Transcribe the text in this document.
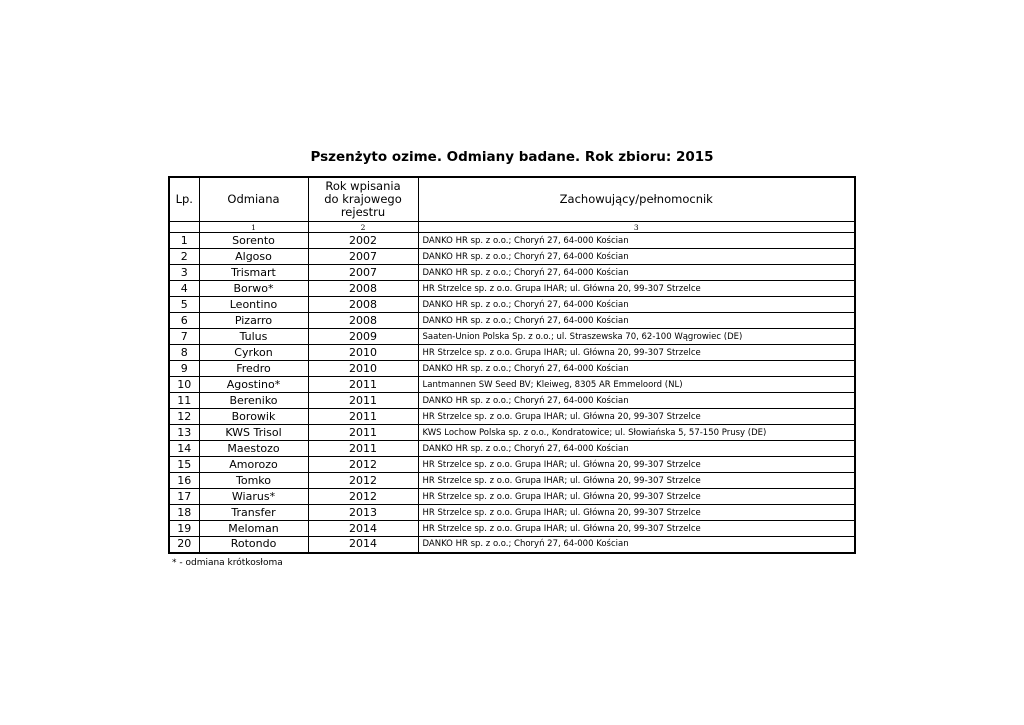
Pszenżyto ozime. Odmiany badane. Rok zbioru: 2015
Lp.	Odmiana	Rok wpisania
do krajowego
rejestru	Zachowujący/pełnomocnik
	1	2	3
1	Sorento	2002	DANKO HR sp. z o.o.; Choryń 27, 64-000 Kościan
2	Algoso	2007	DANKO HR sp. z o.o.; Choryń 27, 64-000 Kościan
3	Trismart	2007	DANKO HR sp. z o.o.; Choryń 27, 64-000 Kościan
4	Borwo*	2008	HR Strzelce sp. z o.o. Grupa IHAR; ul. Główna 20, 99-307 Strzelce
5	Leontino	2008	DANKO HR sp. z o.o.; Choryń 27, 64-000 Kościan
6	Pizarro	2008	DANKO HR sp. z o.o.; Choryń 27, 64-000 Kościan
7	Tulus	2009	Saaten-Union Polska Sp. z o.o.; ul. Straszewska 70, 62-100 Wągrowiec (DE)
8	Cyrkon	2010	HR Strzelce sp. z o.o. Grupa IHAR; ul. Główna 20, 99-307 Strzelce
9	Fredro	2010	DANKO HR sp. z o.o.; Choryń 27, 64-000 Kościan
10	Agostino*	2011	Lantmannen SW Seed BV; Kleiweg, 8305 AR Emmeloord (NL)
11	Bereniko	2011	DANKO HR sp. z o.o.; Choryń 27, 64-000 Kościan
12	Borowik	2011	HR Strzelce sp. z o.o. Grupa IHAR; ul. Główna 20, 99-307 Strzelce
13	KWS Trisol	2011	KWS Lochow Polska sp. z o.o., Kondratowice; ul. Słowiańska 5, 57-150 Prusy (DE)
14	Maestozo	2011	DANKO HR sp. z o.o.; Choryń 27, 64-000 Kościan
15	Amorozo	2012	HR Strzelce sp. z o.o. Grupa IHAR; ul. Główna 20, 99-307 Strzelce
16	Tomko	2012	HR Strzelce sp. z o.o. Grupa IHAR; ul. Główna 20, 99-307 Strzelce
17	Wiarus*	2012	HR Strzelce sp. z o.o. Grupa IHAR; ul. Główna 20, 99-307 Strzelce
18	Transfer	2013	HR Strzelce sp. z o.o. Grupa IHAR; ul. Główna 20, 99-307 Strzelce
19	Meloman	2014	HR Strzelce sp. z o.o. Grupa IHAR; ul. Główna 20, 99-307 Strzelce
20	Rotondo	2014	DANKO HR sp. z o.o.; Choryń 27, 64-000 Kościan
* - odmiana krótkosłoma
